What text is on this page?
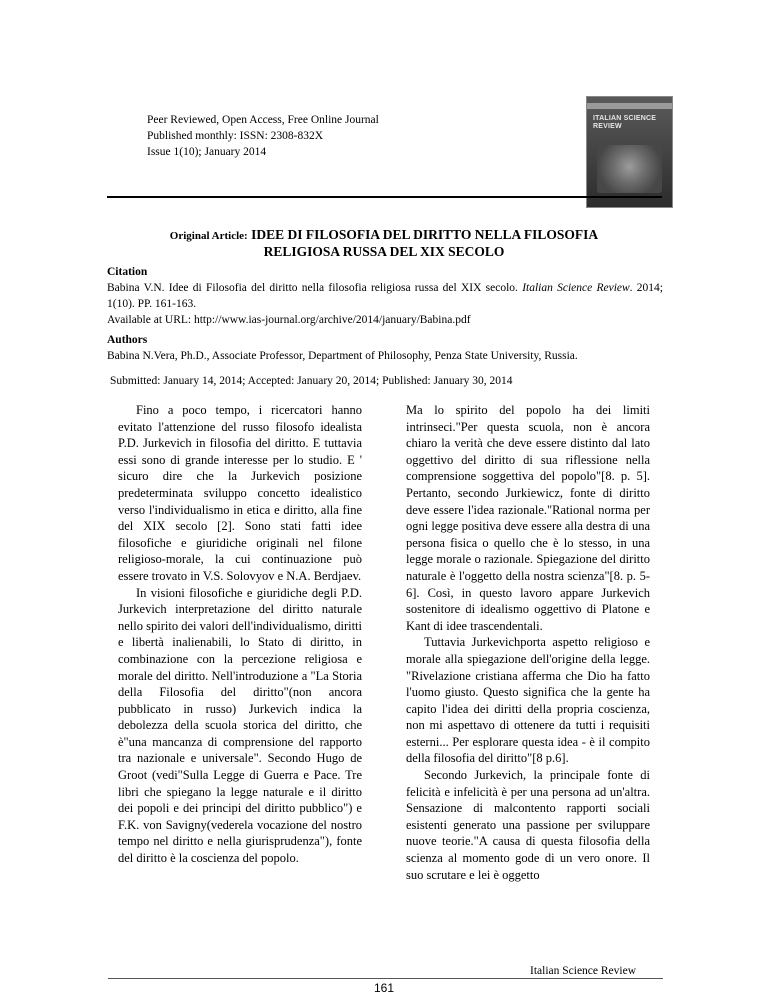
Peer Reviewed, Open Access, Free Online Journal
Published monthly: ISSN: 2308-832X
Issue 1(10); January 2014
ITALIAN SCIENCE REVIEW
Original Article: IDEE DI FILOSOFIA DEL DIRITTO NELLA FILOSOFIA
RELIGIOSA RUSSA DEL XIX SECOLO
Citation
Babina V.N. Idee di Filosofia del diritto nella filosofia religiosa russa del XIX secolo. Italian Science Review. 2014; 1(10). PP. 161-163.
Available at URL: http://www.ias-journal.org/archive/2014/january/Babina.pdf
Authors
Babina N.Vera, Ph.D., Associate Professor, Department of Philosophy, Penza State University, Russia.
Submitted: January 14, 2014; Accepted: January 20, 2014; Published: January 30, 2014

Fino a poco tempo, i ricercatori hanno evitato l'attenzione del russo filosofo idealista P.D. Jurkevich in filosofia del diritto. E tuttavia essi sono di grande interesse per lo studio. E ' sicuro dire che la Jurkevich posizione predeterminata sviluppo concetto idealistico verso l'individualismo in etica e diritto, alla fine del XIX secolo [2]. Sono stati fatti idee filosofiche e giuridiche originali nel filone religioso-morale, la cui continuazione può essere trovato in V.S. Solovyov e N.A. Berdjaev.

In visioni filosofiche e giuridiche degli P.D. Jurkevich interpretazione del diritto naturale nello spirito dei valori dell'individualismo, diritti e libertà inalienabili, lo Stato di diritto, in combinazione con la percezione religiosa e morale del diritto. Nell'introduzione a "La Storia della Filosofia del diritto"(non ancora pubblicato in russo) Jurkevich indica la debolezza della scuola storica del diritto, che è"una mancanza di comprensione del rapporto tra nazionale e universale". Secondo Hugo de Groot (vedi"Sulla Legge di Guerra e Pace. Tre libri che spiegano la legge naturale e il diritto dei popoli e dei principi del diritto pubblico") e F.K. von Savigny(vederela vocazione del nostro tempo nel diritto e nella giurisprudenza"), fonte del diritto è la coscienza del popolo.

Ma lo spirito del popolo ha dei limiti intrinseci."Per questa scuola, non è ancora chiaro la verità che deve essere distinto dal lato oggettivo del diritto di sua riflessione nella comprensione soggettiva del popolo"[8. p. 5]. Pertanto, secondo Jurkiewicz, fonte di diritto deve essere l'idea razionale."Rational norma per ogni legge positiva deve essere alla destra di una persona fisica o quello che è lo stesso, in una legge morale o razionale. Spiegazione del diritto naturale è l'oggetto della nostra scienza"[8. p. 5-6]. Così, in questo lavoro appare Jurkevich sostenitore di idealismo oggettivo di Platone e Kant di idee trascendentali.

Tuttavia Jurkevichporta aspetto religioso e morale alla spiegazione dell'origine della legge. "Rivelazione cristiana afferma che Dio ha fatto l'uomo giusto. Questo significa che la gente ha capito l'idea dei diritti della propria coscienza, non mi aspettavo di ottenere da tutti i requisiti esterni... Per esplorare questa idea - è il compito della filosofia del diritto"[8 p.6].

Secondo Jurkevich, la principale fonte di felicità e infelicità è per una persona ad un'altra. Sensazione di malcontento rapporti sociali esistenti generato una passione per sviluppare nuove teorie."A causa di questa filosofia della scienza al momento gode di un vero onore. Il suo scrutare e lei è oggetto

Italian Science Review
161
